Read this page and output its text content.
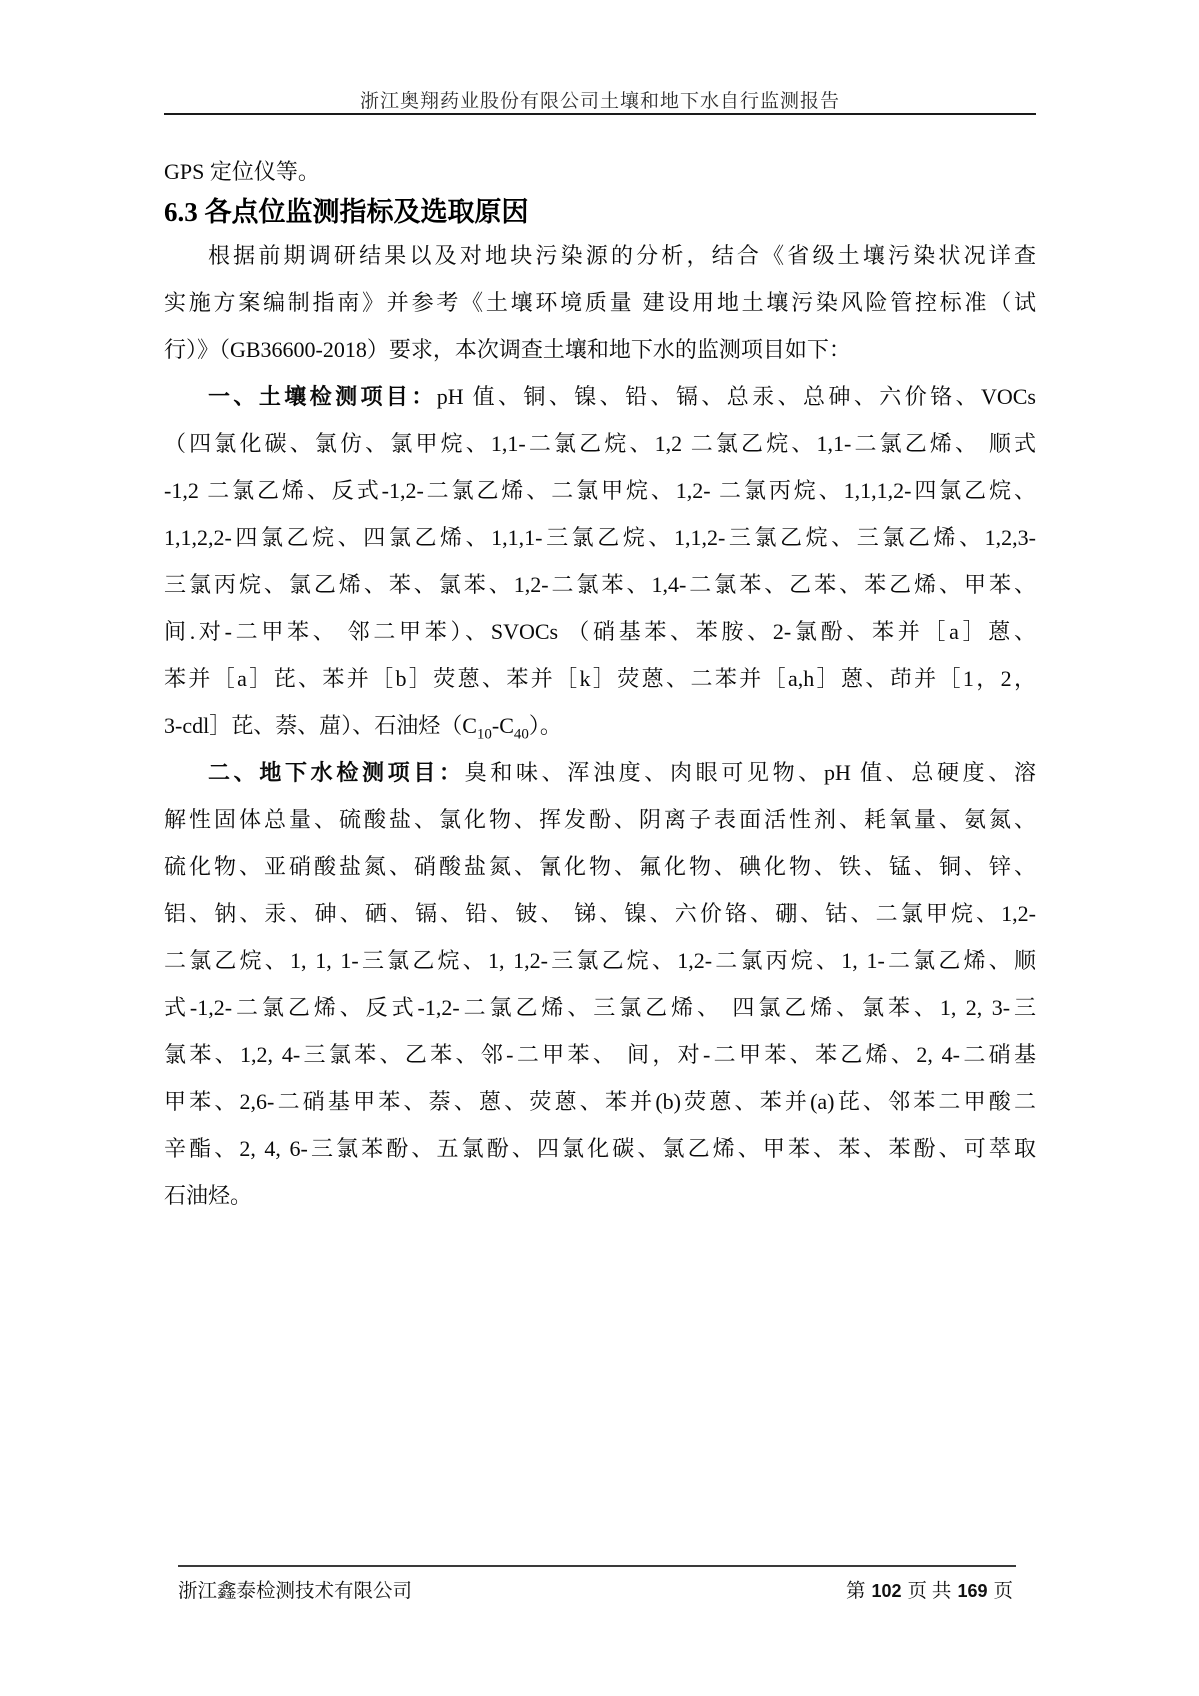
浙江奥翔药业股份有限公司土壤和地下水自行监测报告
GPS 定位仪等。
6.3 各点位监测指标及选取原因
根据前期调研结果以及对地块污染源的分析，结合《省级土壤污染状况详查
实施方案编制指南》并参考《土壤环境质量 建设用地土壤污染风险管控标准（试
行）》（GB36600-2018）要求，本次调查土壤和地下水的监测项目如下：
一、土壤检测项目：pH 值、铜、镍、铅、镉、总汞、总砷、六价铬、VOCs
（四氯化碳、氯仿、氯甲烷、1,1-二氯乙烷、1,2 二氯乙烷、1,1-二氯乙烯、 顺式
-1,2 二氯乙烯、反式-1,2-二氯乙烯、二氯甲烷、1,2- 二氯丙烷、1,1,1,2-四氯乙烷、
1,1,2,2-四氯乙烷、四氯乙烯、1,1,1-三氯乙烷、1,1,2-三氯乙烷、三氯乙烯、1,2,3-
三氯丙烷、氯乙烯、苯、氯苯、1,2-二氯苯、1,4-二氯苯、乙苯、苯乙烯、甲苯、
间.对-二甲苯、 邻二甲苯）、SVOCs （硝基苯、苯胺、2-氯酚、苯并［a］蒽、
苯并［a］芘、苯并［b］荧蒽、苯并［k］荧蒽、二苯并［a,h］蒽、茚并［1，2，
3-cdl］芘、萘、䓛）、石油烃$(C_{10}-C_{40})$。
二、地下水检测项目：臭和味、浑浊度、肉眼可见物、pH 值、总硬度、溶
解性固体总量、硫酸盐、氯化物、挥发酚、阴离子表面活性剂、耗氧量、氨氮、
硫化物、亚硝酸盐氮、硝酸盐氮、氰化物、氟化物、碘化物、铁、锰、铜、锌、
铝、钠、汞、砷、硒、镉、铅、铍、 锑、镍、六价铬、硼、钴、二氯甲烷、1,2-
二氯乙烷、1, 1, 1-三氯乙烷、1, 1,2-三氯乙烷、1,2-二氯丙烷、1, 1-二氯乙烯、顺
式-1,2-二氯乙烯、反式-1,2-二氯乙烯、三氯乙烯、 四氯乙烯、氯苯、1, 2, 3-三
氯苯、1,2, 4-三氯苯、乙苯、邻-二甲苯、 间，对-二甲苯、苯乙烯、2, 4-二硝基
甲苯、2,6-二硝基甲苯、萘、蒽、荧蒽、苯并(b)荧蒽、苯并(a)芘、邻苯二甲酸二
辛酯、2, 4, 6-三氯苯酚、五氯酚、四氯化碳、氯乙烯、甲苯、苯、苯酚、可萃取
石油烃。
浙江鑫泰检测技术有限公司	第 102 页 共 169 页
